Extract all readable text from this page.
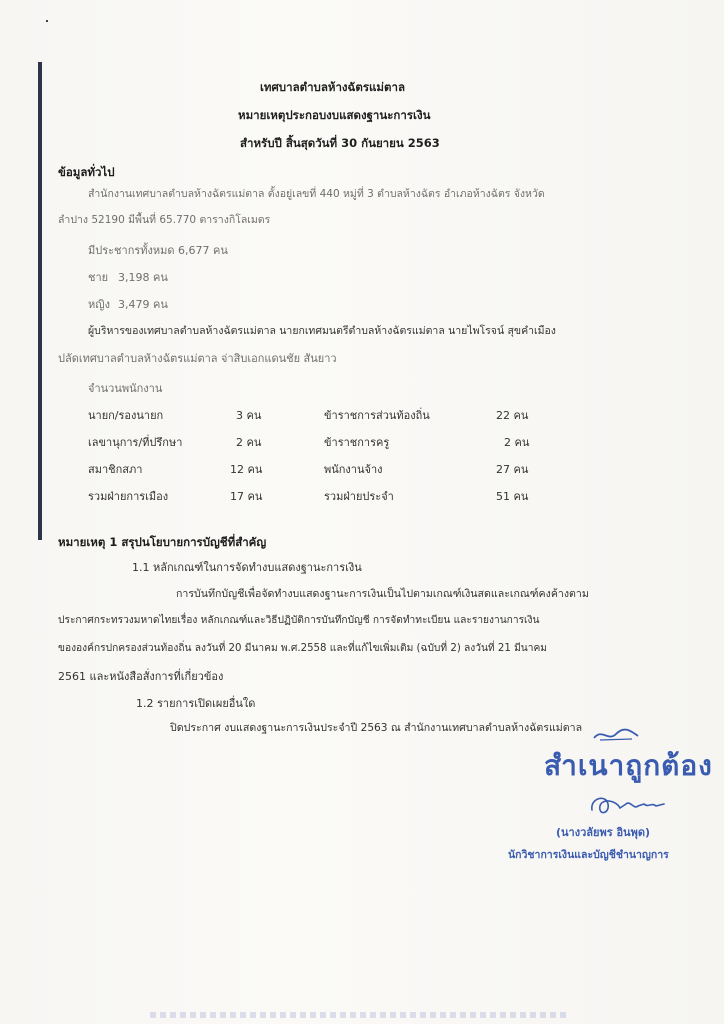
เทศบาลตำบลห้างฉัตรแม่ตาล
หมายเหตุประกอบงบแสดงฐานะการเงิน
สำหรับปี สิ้นสุดวันที่ 30 กันยายน 2563
ข้อมูลทั่วไป
สำนักงานเทศบาลตำบลห้างฉัตรแม่ตาล ตั้งอยู่เลขที่ 440 หมู่ที่ 3 ตำบลห้างฉัตร อำเภอห้างฉัตร จังหวัด
ลำปาง 52190 มีพื้นที่ 65.770 ตารางกิโลเมตร
มีประชากรทั้งหมด 6,677 คน
ชาย 3,198 คน
หญิง 3,479 คน
ผู้บริหารของเทศบาลตำบลห้างฉัตรแม่ตาล นายกเทศมนตรีตำบลห้างฉัตรแม่ตาล นายไพโรจน์ สุขคำเมือง
ปลัดเทศบาลตำบลห้างฉัตรแม่ตาล จ่าสิบเอกแดนชัย สันยาว
จำนวนพนักงาน
นายก/รองนายก	3 คน	ข้าราชการส่วนท้องถิ่น	22 คน
เลขานุการ/ที่ปรึกษา	2 คน	ข้าราชการครู	2 คน
สมาชิกสภา	12 คน	พนักงานจ้าง	27 คน
รวมฝ่ายการเมือง	17 คน	รวมฝ่ายประจำ	51 คน
หมายเหตุ 1 สรุปนโยบายการบัญชีที่สำคัญ
1.1 หลักเกณฑ์ในการจัดทำงบแสดงฐานะการเงิน
การบันทึกบัญชีเพื่อจัดทำงบแสดงฐานะการเงินเป็นไปตามเกณฑ์เงินสดและเกณฑ์คงค้างตาม
ประกาศกระทรวงมหาดไทยเรื่อง หลักเกณฑ์และวิธีปฏิบัติการบันทึกบัญชี การจัดทำทะเบียน และรายงานการเงิน
ขององค์กรปกครองส่วนท้องถิ่น ลงวันที่ 20 มีนาคม พ.ศ.2558 และที่แก้ไขเพิ่มเติม (ฉบับที่ 2) ลงวันที่ 21 มีนาคม
2561 และหนังสือสั่งการที่เกี่ยวข้อง
1.2 รายการเปิดเผยอื่นใด
ปิดประกาศ งบแสดงฐานะการเงินประจำปี 2563 ณ สำนักงานเทศบาลตำบลห้างฉัตรแม่ตาล
สำเนาถูกต้อง
(นางวลัยพร อินพุด)
นักวิชาการเงินและบัญชีชำนาญการ
